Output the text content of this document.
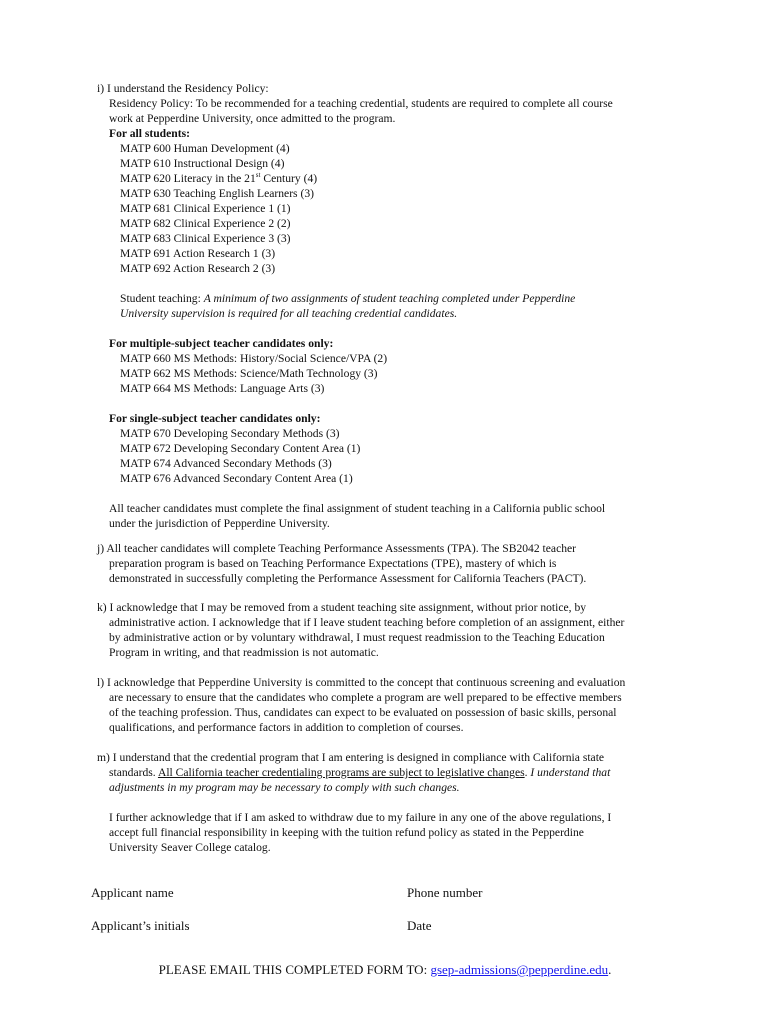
i) I understand the Residency Policy:
Residency Policy: To be recommended for a teaching credential, students are required to complete all course
work at Pepperdine University, once admitted to the program.
For all students:
MATP 600 Human Development (4)
MATP 610 Instructional Design (4)
MATP 620 Literacy in the 21st Century (4)
MATP 630 Teaching English Learners (3)
MATP 681 Clinical Experience 1 (1)
MATP 682 Clinical Experience 2 (2)
MATP 683 Clinical Experience 3 (3)
MATP 691 Action Research 1 (3)
MATP 692 Action Research 2 (3)
Student teaching: A minimum of two assignments of student teaching completed under Pepperdine
University supervision is required for all teaching credential candidates.
For multiple-subject teacher candidates only:
MATP 660 MS Methods: History/Social Science/VPA (2)
MATP 662 MS Methods: Science/Math Technology (3)
MATP 664 MS Methods: Language Arts (3)
For single-subject teacher candidates only:
MATP 670 Developing Secondary Methods (3)
MATP 672 Developing Secondary Content Area (1)
MATP 674 Advanced Secondary Methods (3)
MATP 676 Advanced Secondary Content Area (1)
All teacher candidates must complete the final assignment of student teaching in a California public school
under the jurisdiction of Pepperdine University.
j) All teacher candidates will complete Teaching Performance Assessments (TPA). The SB2042 teacher
preparation program is based on Teaching Performance Expectations (TPE), mastery of which is
demonstrated in successfully completing the Performance Assessment for California Teachers (PACT).
k) I acknowledge that I may be removed from a student teaching site assignment, without prior notice, by
administrative action. I acknowledge that if I leave student teaching before completion of an assignment, either
by administrative action or by voluntary withdrawal, I must request readmission to the Teaching Education
Program in writing, and that readmission is not automatic.
l) I acknowledge that Pepperdine University is committed to the concept that continuous screening and evaluation
are necessary to ensure that the candidates who complete a program are well prepared to be effective members
of the teaching profession. Thus, candidates can expect to be evaluated on possession of basic skills, personal
qualifications, and performance factors in addition to completion of courses.
m) I understand that the credential program that I am entering is designed in compliance with California state
standards. All California teacher credentialing programs are subject to legislative changes. I understand that
adjustments in my program may be necessary to comply with such changes.
I further acknowledge that if I am asked to withdraw due to my failure in any one of the above regulations, I
accept full financial responsibility in keeping with the tuition refund policy as stated in the Pepperdine
University Seaver College catalog.
Applicant name	Phone number
Applicant’s initials	Date
PLEASE EMAIL THIS COMPLETED FORM TO: gsep-admissions@pepperdine.edu.
